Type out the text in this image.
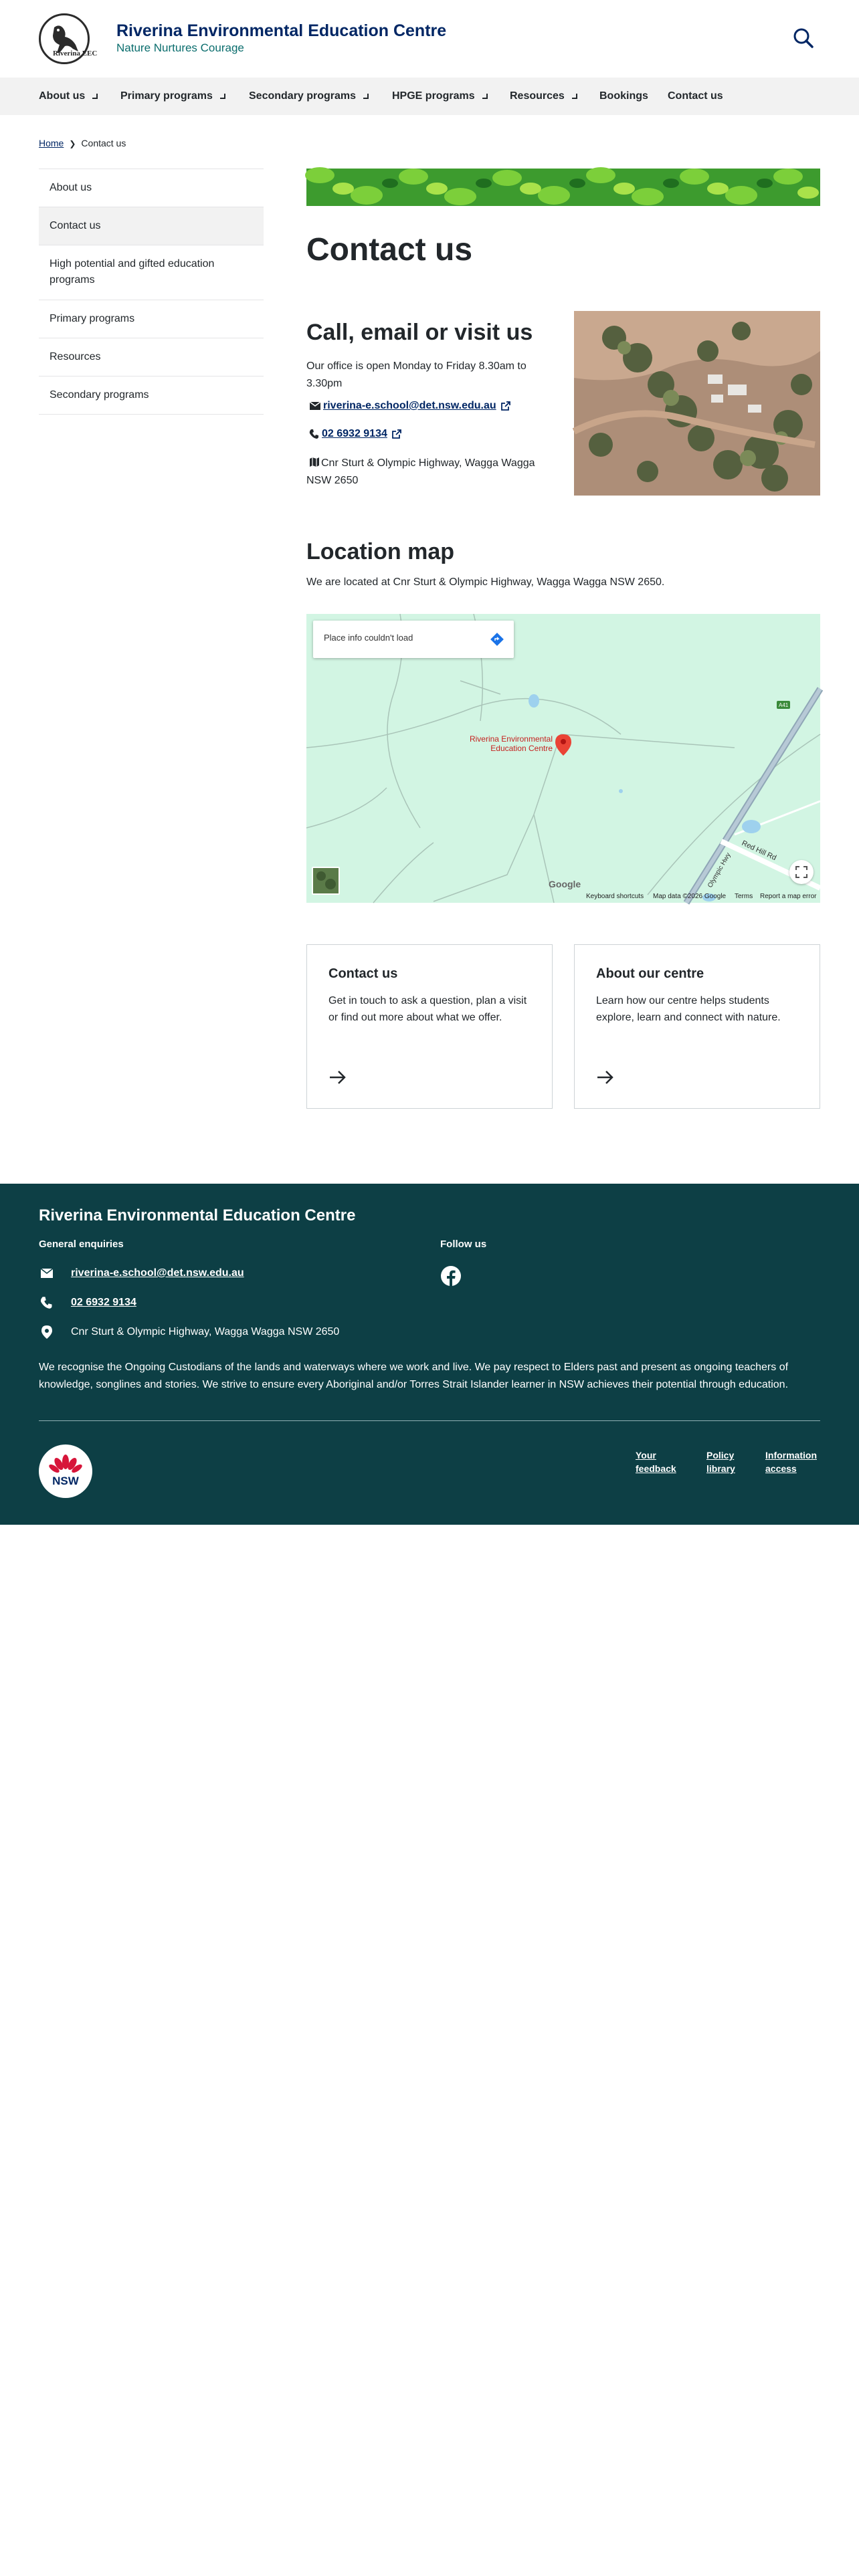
Riverina EEC
Riverina Environmental Education Centre
Nature Nurtures Courage
About us	Primary programs	Secondary programs	HPGE programs	Resources	Bookings Contact us
Home ❯ Contact us
About us
Contact us
High potential and gifted education programs
Primary programs
Resources
Secondary programs
Contact us
Call, email or visit us

Our office is open Monday to Friday 8.30am to 3.30pm

riverina-e.school@det.nsw.edu.au
02 6932 9134
Cnr Sturt & Olympic Highway, Wagga Wagga NSW 2650
Location map

We are located at Cnr Sturt & Olympic Highway, Wagga Wagga NSW 2650.

A41
Olympic Hwy
Red Hill Rd
Place info couldn't load
Riverina Environmental Education Centre
Google
Keyboard shortcuts Map data ©2026 Google Terms Report a map error
Contact us
Get in touch to ask a question, plan a visit or find out more about what we offer.
About our centre
Learn how our centre helps students explore, learn and connect with nature.
Riverina Environmental Education Centre
General enquiries	Follow us
riverina-e.school@det.nsw.edu.au
02 6932 9134
Cnr Sturt & Olympic Highway, Wagga Wagga NSW 2650

We recognise the Ongoing Custodians of the lands and waterways where we work and live. We pay respect to Elders past and present as ongoing teachers of knowledge, songlines and stories. We strive to ensure every Aboriginal and/or Torres Strait Islander learner in NSW achieves their potential through education.

NSW
Your feedback
Policy library
Information access
